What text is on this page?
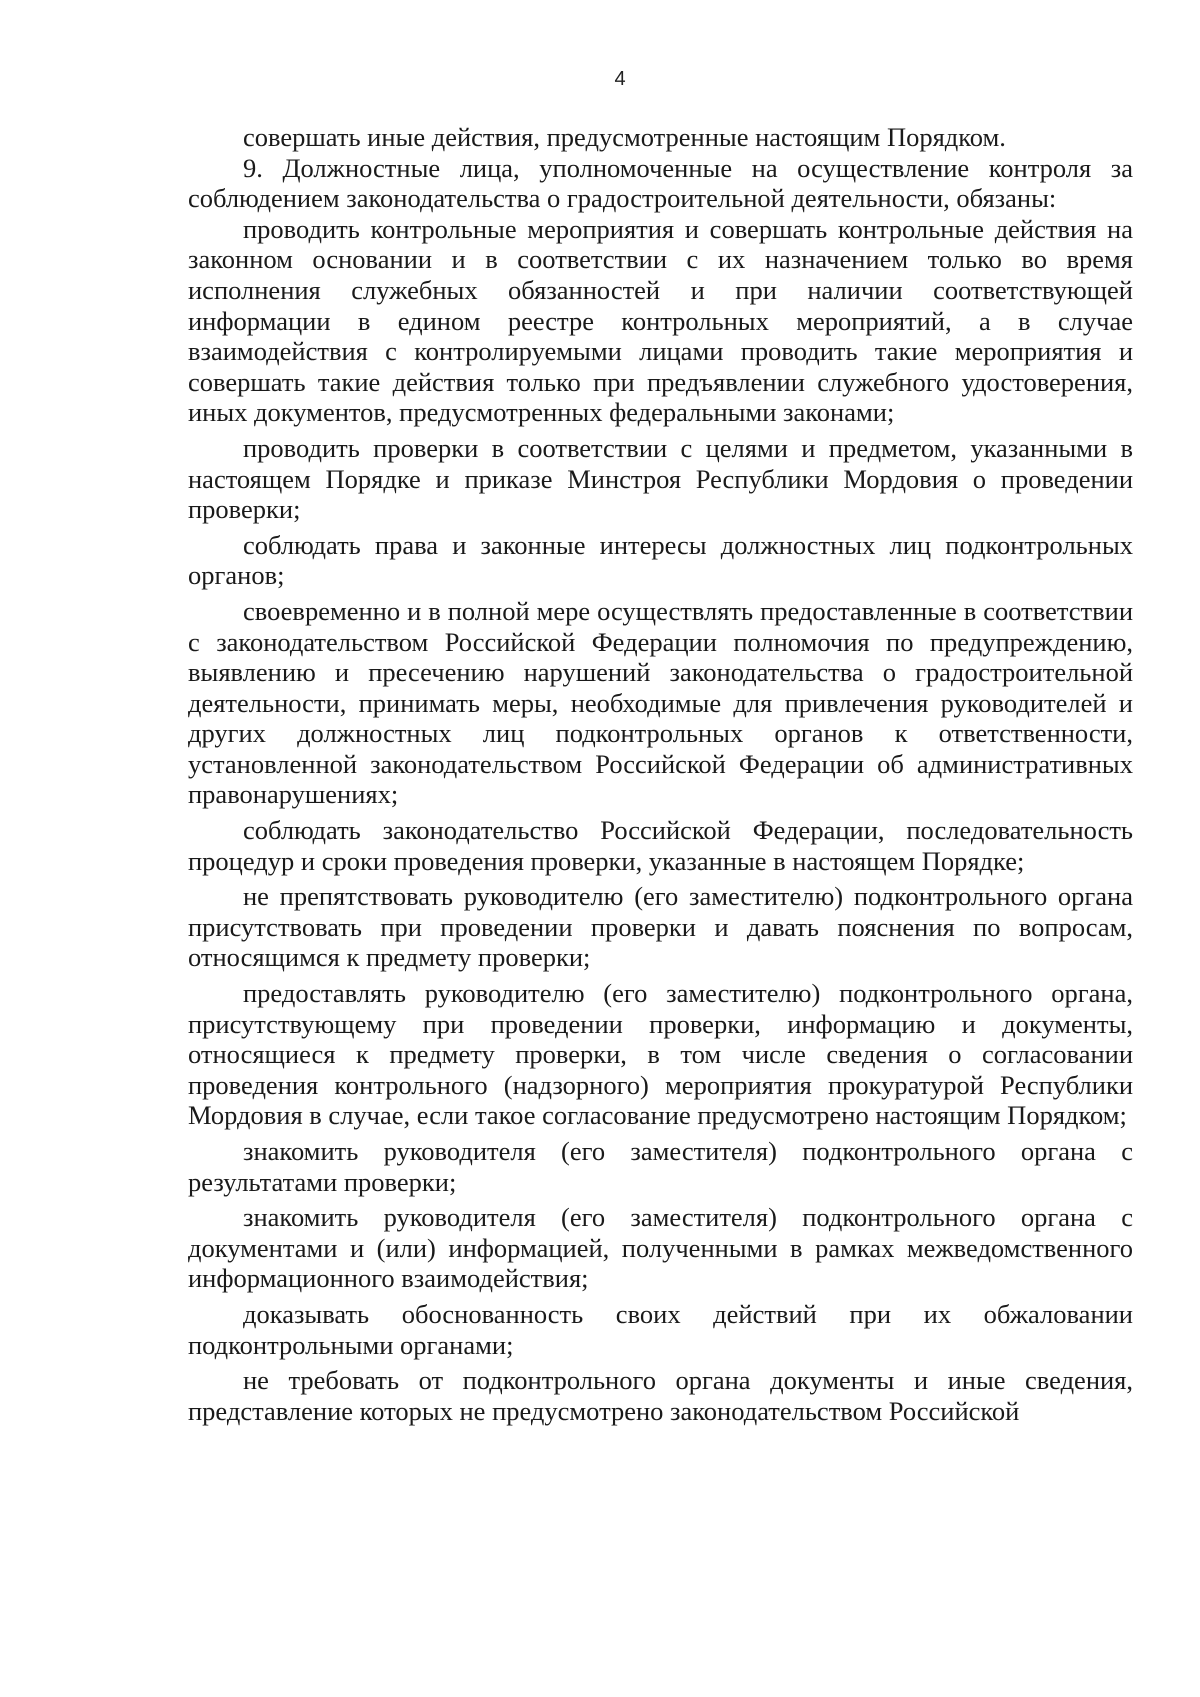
4

совершать иные действия, предусмотренные настоящим Порядком.

9. Должностные лица, уполномоченные на осуществление контроля за соблюдением законодательства о градостроительной деятельности, обязаны:

проводить контрольные мероприятия и совершать контрольные действия на законном основании и в соответствии с их назначением только во время исполнения служебных обязанностей и при наличии соответствующей информации в едином реестре контрольных мероприятий, а в случае взаимодействия с контролируемыми лицами проводить такие мероприятия и совершать такие действия только при предъявлении служебного удостоверения, иных документов, предусмотренных федеральными законами;

проводить проверки в соответствии с целями и предметом, указанными в настоящем Порядке и приказе Минстроя Республики Мордовия о проведении проверки;

соблюдать права и законные интересы должностных лиц подконтрольных органов;

своевременно и в полной мере осуществлять предоставленные в соответствии с законодательством Российской Федерации полномочия по предупреждению, выявлению и пресечению нарушений законодательства о градостроительной деятельности, принимать меры, необходимые для привлечения руководителей и других должностных лиц подконтрольных органов к ответственности, установленной законодательством Российской Федерации об административных правонарушениях;

соблюдать законодательство Российской Федерации, последовательность процедур и сроки проведения проверки, указанные в настоящем Порядке;

не препятствовать руководителю (его заместителю) подконтрольного органа присутствовать при проведении проверки и давать пояснения по вопросам, относящимся к предмету проверки;

предоставлять руководителю (его заместителю) подконтрольного органа, присутствующему при проведении проверки, информацию и документы, относящиеся к предмету проверки, в том числе сведения о согласовании проведения контрольного (надзорного) мероприятия прокуратурой Республики Мордовия в случае, если такое согласование предусмотрено настоящим Порядком;

знакомить руководителя (его заместителя) подконтрольного органа с результатами проверки;

знакомить руководителя (его заместителя) подконтрольного органа с документами и (или) информацией, полученными в рамках межведомственного информационного взаимодействия;

доказывать обоснованность своих действий при их обжаловании подконтрольными органами;

не требовать от подконтрольного органа документы и иные сведения, представление которых не предусмотрено законодательством Российской
